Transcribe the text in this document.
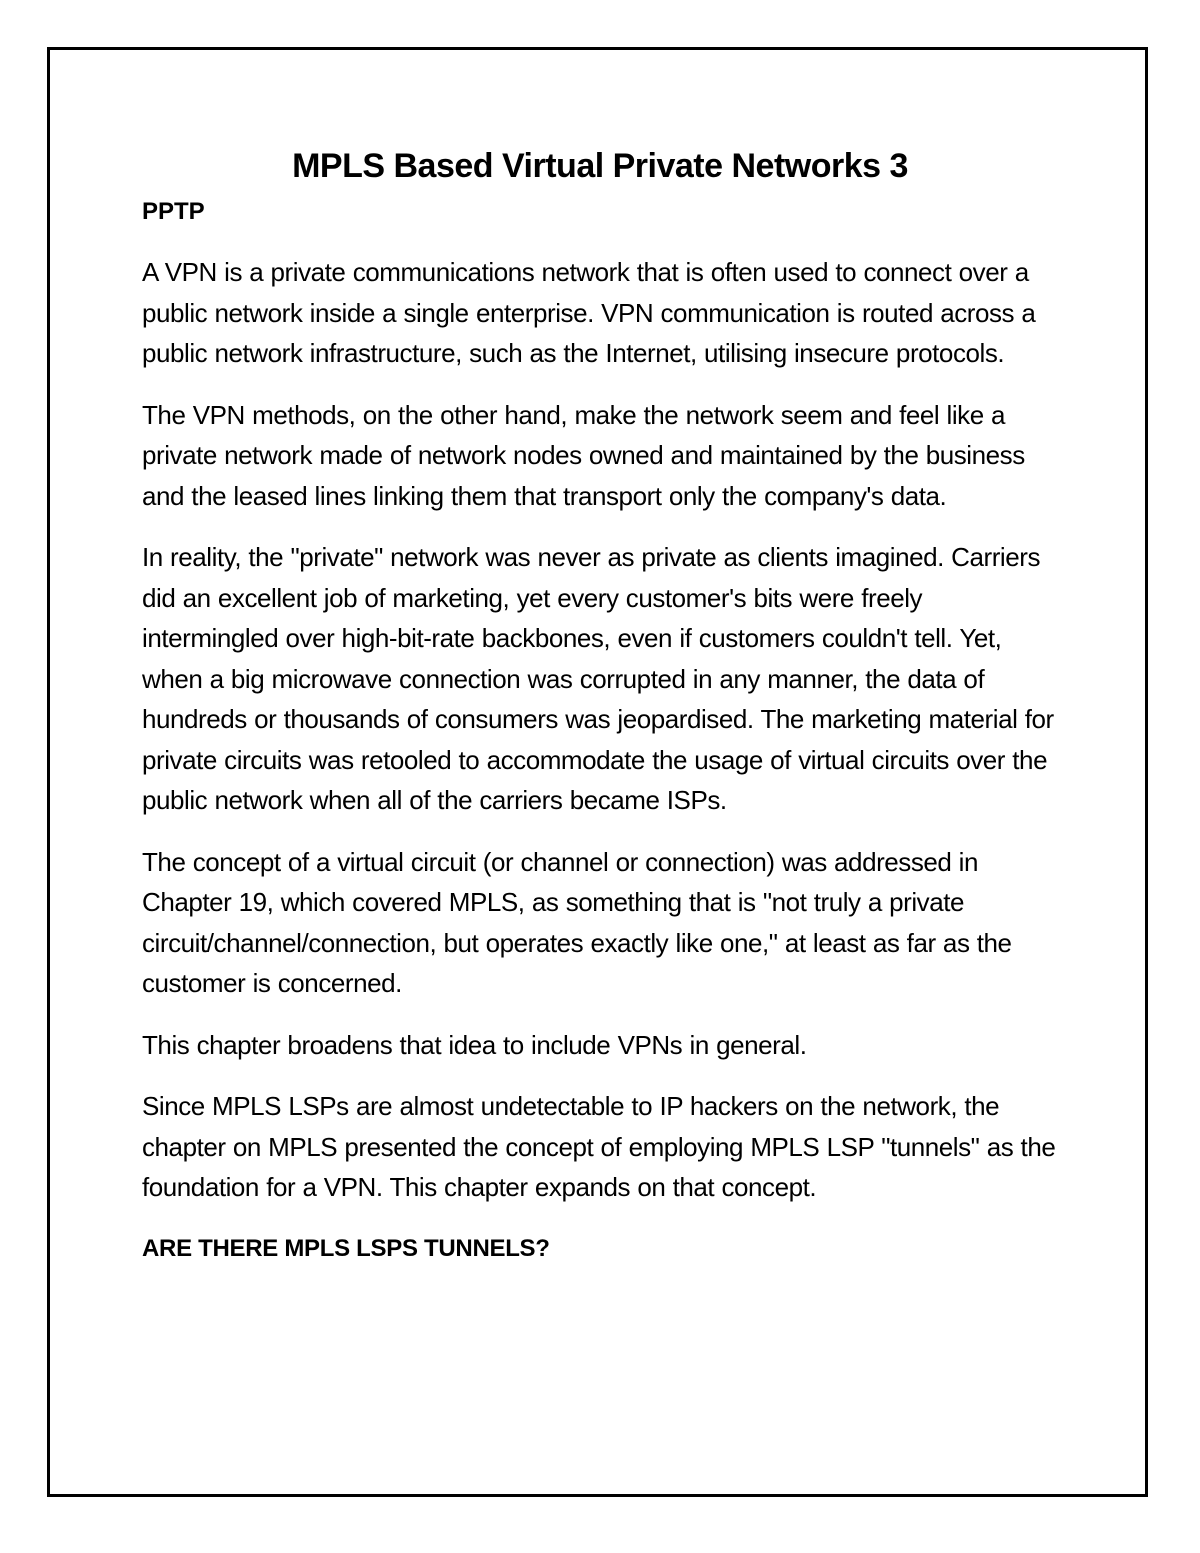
MPLS Based Virtual Private Networks 3
PPTP

A VPN is a private communications network that is often used to connect over a public network inside a single enterprise. VPN communication is routed across a public network infrastructure, such as the Internet, utilising insecure protocols.

The VPN methods, on the other hand, make the network seem and feel like a private network made of network nodes owned and maintained by the business and the leased lines linking them that transport only the company's data.

In reality, the "private" network was never as private as clients imagined. Carriers did an excellent job of marketing, yet every customer's bits were freely intermingled over high-bit-rate backbones, even if customers couldn't tell. Yet, when a big microwave connection was corrupted in any manner, the data of hundreds or thousands of consumers was jeopardised. The marketing material for private circuits was retooled to accommodate the usage of virtual circuits over the public network when all of the carriers became ISPs.

The concept of a virtual circuit (or channel or connection) was addressed in Chapter 19, which covered MPLS, as something that is "not truly a private circuit/channel/connection, but operates exactly like one," at least as far as the customer is concerned.

This chapter broadens that idea to include VPNs in general.

Since MPLS LSPs are almost undetectable to IP hackers on the network, the chapter on MPLS presented the concept of employing MPLS LSP "tunnels" as the foundation for a VPN. This chapter expands on that concept.

ARE THERE MPLS LSPS TUNNELS?
